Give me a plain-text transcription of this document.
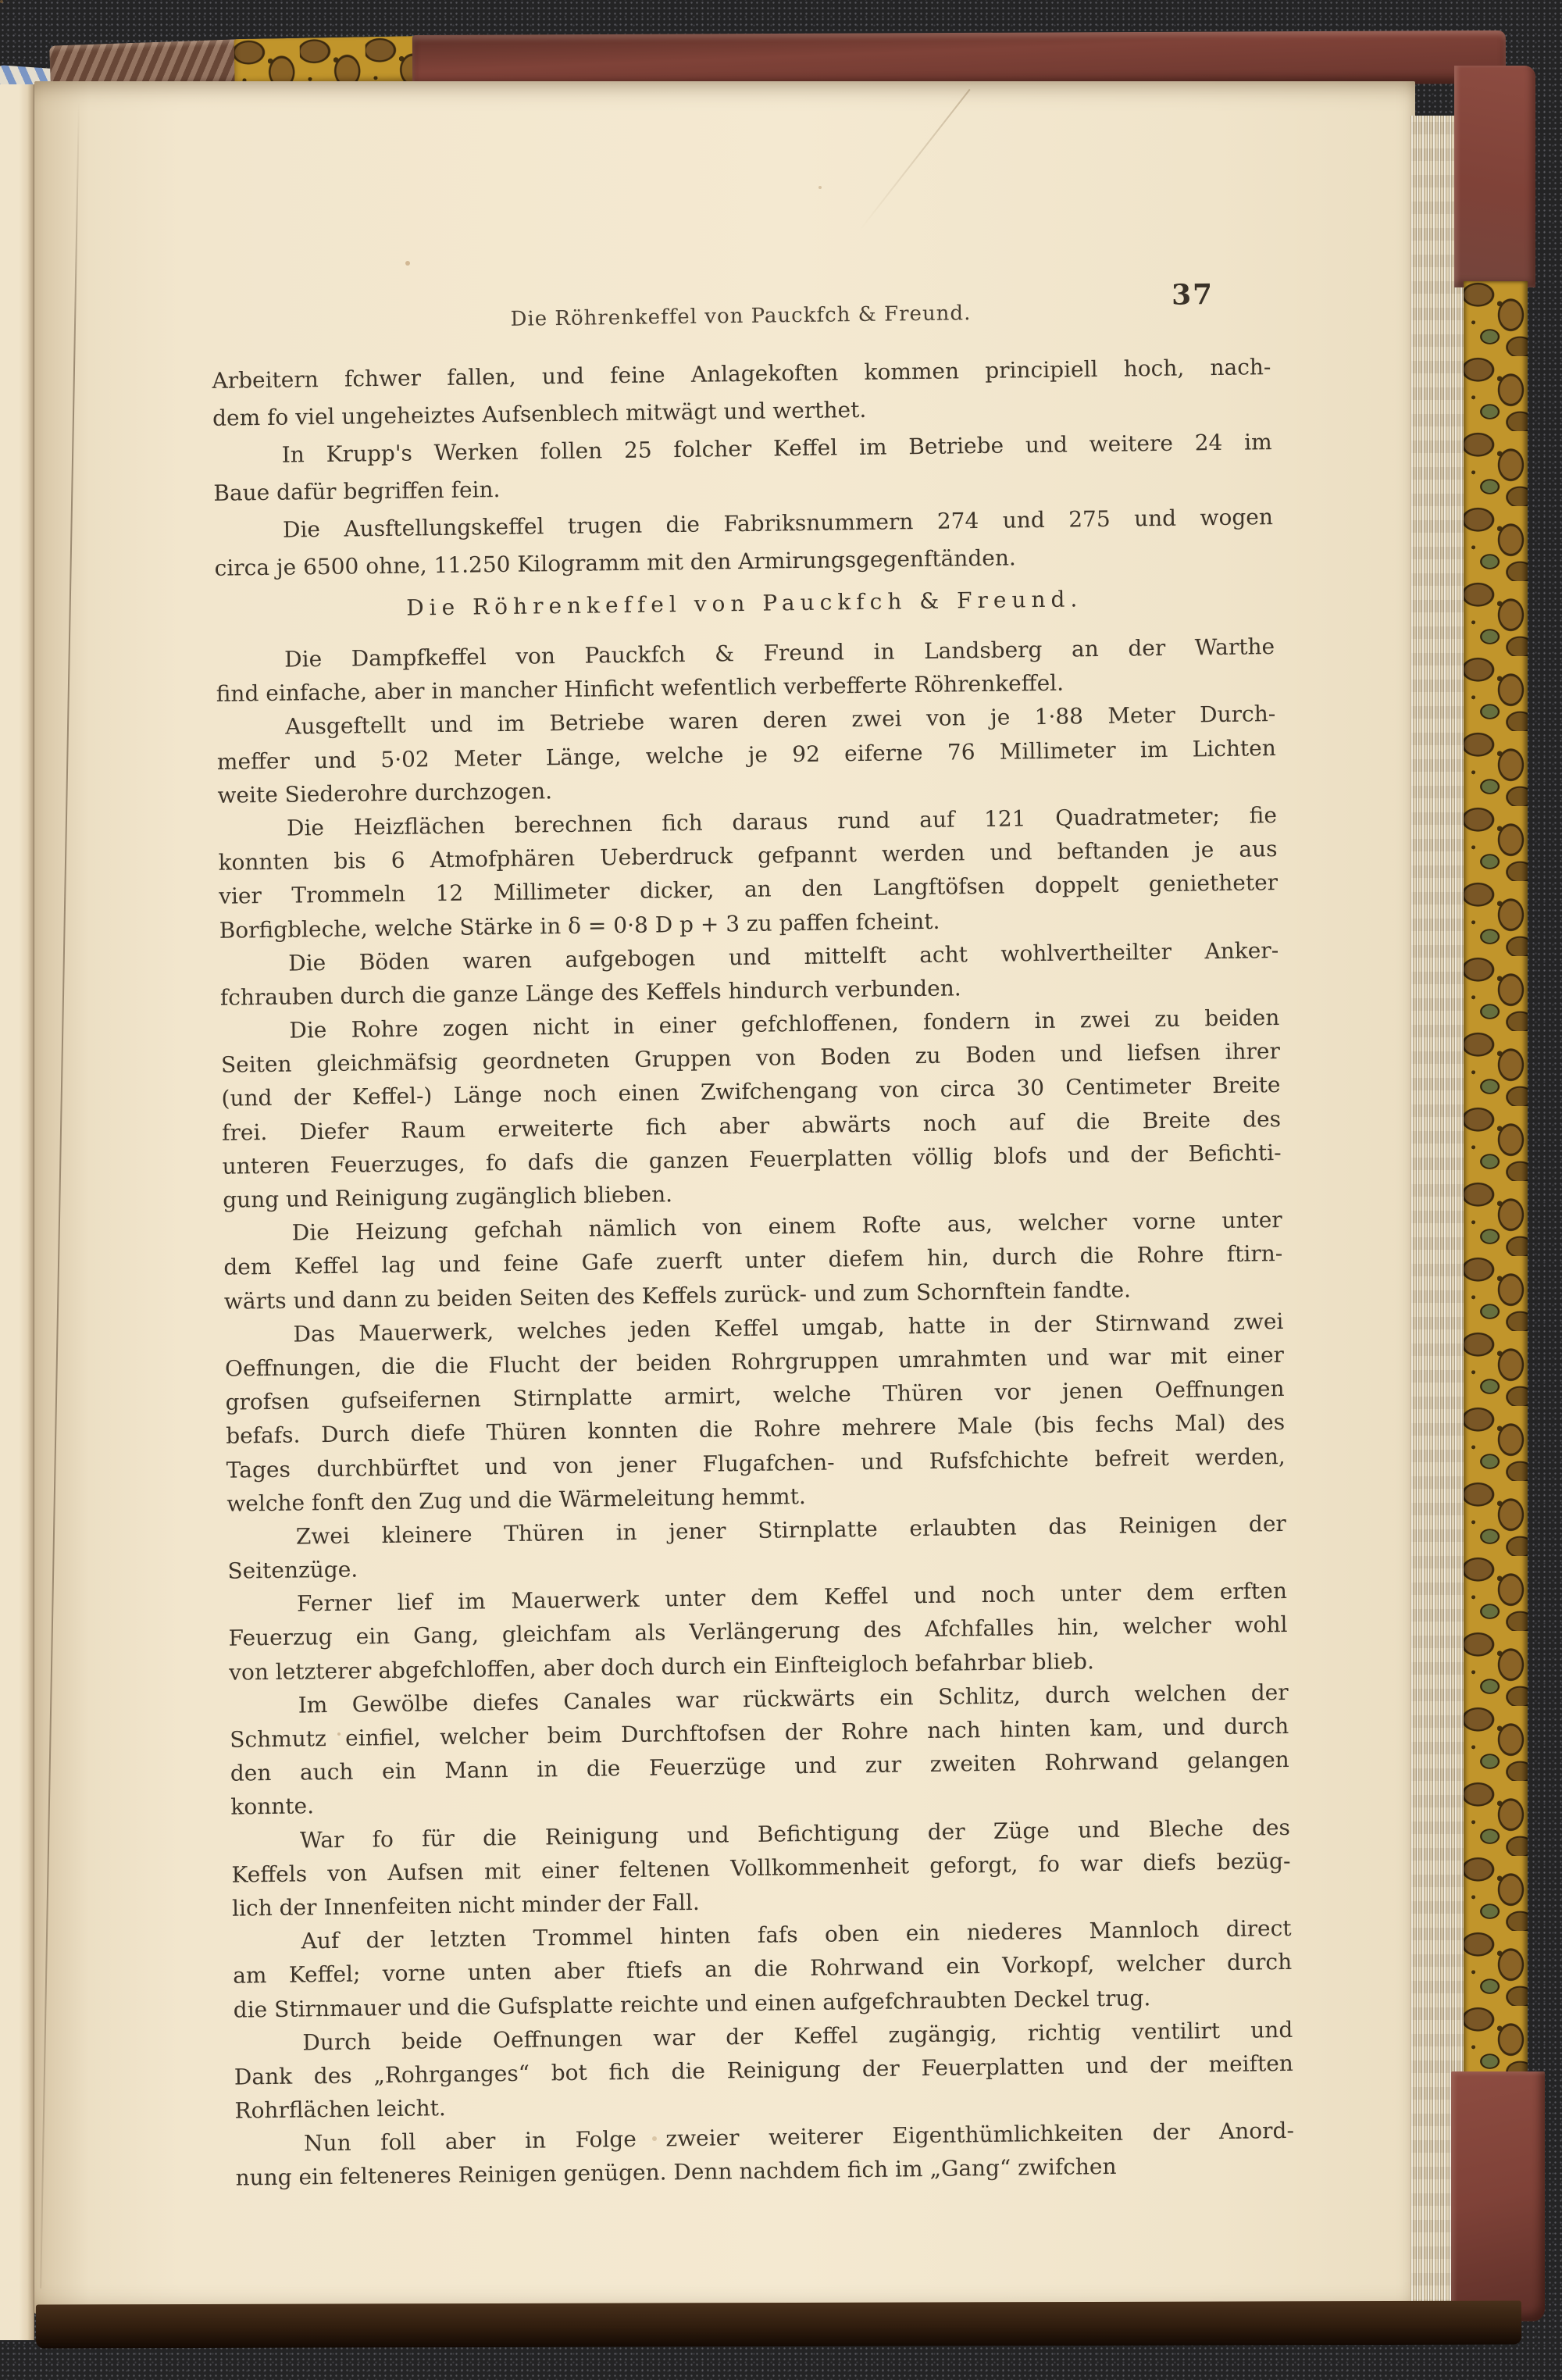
Die Röhrenkeffel von Pauckfch & Freund.
37
Arbeitern fchwer fallen, und feine Anlagekoften kommen principiell hoch, nach-
dem fo viel ungeheiztes Aufsenblech mitwägt und werthet.
In Krupp's Werken follen 25 folcher Keffel im Betriebe und weitere 24 im
Baue dafür begriffen fein.
Die Ausftellungskeffel trugen die Fabriksnummern 274 und 275 und wogen
circa je 6500 ohne, 11.250 Kilogramm mit den Armirungsgegenftänden.
Die Röhrenkeffel von Pauckfch & Freund.
Die Dampfkeffel von Pauckfch & Freund in Landsberg an der Warthe
find einfache, aber in mancher Hinficht wefentlich verbefferte Röhrenkeffel.
Ausgeftellt und im Betriebe waren deren zwei von je 1·88 Meter Durch-
meffer und 5·02 Meter Länge, welche je 92 eiferne 76 Millimeter im Lichten
weite Siederohre durchzogen.
Die Heizflächen berechnen fich daraus rund auf 121 Quadratmeter; fie
konnten bis 6 Atmofphären Ueberdruck gefpannt werden und beftanden je aus
vier Trommeln 12 Millimeter dicker, an den Langftöfsen doppelt genietheter
Borfigbleche, welche Stärke in δ = 0·8 D p + 3 zu paffen fcheint.
Die Böden waren aufgebogen und mittelft acht wohlvertheilter Anker-
fchrauben durch die ganze Länge des Keffels hindurch verbunden.
Die Rohre zogen nicht in einer gefchloffenen, fondern in zwei zu beiden
Seiten gleichmäfsig geordneten Gruppen von Boden zu Boden und liefsen ihrer
(und der Keffel-) Länge noch einen Zwifchengang von circa 30 Centimeter Breite
frei. Diefer Raum erweiterte fich aber abwärts noch auf die Breite des
unteren Feuerzuges, fo dafs die ganzen Feuerplatten völlig blofs und der Befichti-
gung und Reinigung zugänglich blieben.
Die Heizung gefchah nämlich von einem Rofte aus, welcher vorne unter
dem Keffel lag und feine Gafe zuerft unter diefem hin, durch die Rohre ftirn-
wärts und dann zu beiden Seiten des Keffels zurück- und zum Schornftein fandte.
Das Mauerwerk, welches jeden Keffel umgab, hatte in der Stirnwand zwei
Oeffnungen, die die Flucht der beiden Rohrgruppen umrahmten und war mit einer
grofsen gufseifernen Stirnplatte armirt, welche Thüren vor jenen Oeffnungen
befafs. Durch diefe Thüren konnten die Rohre mehrere Male (bis fechs Mal) des
Tages durchbürftet und von jener Flugafchen- und Rufsfchichte befreit werden,
welche fonft den Zug und die Wärmeleitung hemmt.
Zwei kleinere Thüren in jener Stirnplatte erlaubten das Reinigen der
Seitenzüge.
Ferner lief im Mauerwerk unter dem Keffel und noch unter dem erften
Feuerzug ein Gang, gleichfam als Verlängerung des Afchfalles hin, welcher wohl
von letzterer abgefchloffen, aber doch durch ein Einfteigloch befahrbar blieb.
Im Gewölbe diefes Canales war rückwärts ein Schlitz, durch welchen der
Schmutz einfiel, welcher beim Durchftofsen der Rohre nach hinten kam, und durch
den auch ein Mann in die Feuerzüge und zur zweiten Rohrwand gelangen
konnte.
War fo für die Reinigung und Befichtigung der Züge und Bleche des
Keffels von Aufsen mit einer feltenen Vollkommenheit geforgt, fo war diefs bezüg-
lich der Innenfeiten nicht minder der Fall.
Auf der letzten Trommel hinten fafs oben ein niederes Mannloch direct
am Keffel; vorne unten aber ftiefs an die Rohrwand ein Vorkopf, welcher durch
die Stirnmauer und die Gufsplatte reichte und einen aufgefchraubten Deckel trug.
Durch beide Oeffnungen war der Keffel zugängig, richtig ventilirt und
Dank des „Rohrganges“ bot fich die Reinigung der Feuerplatten und der meiften
Rohrflächen leicht.
Nun foll aber in Folge zweier weiterer Eigenthümlichkeiten der Anord-
nung ein felteneres Reinigen genügen. Denn nachdem fich im „Gang“ zwifchen
